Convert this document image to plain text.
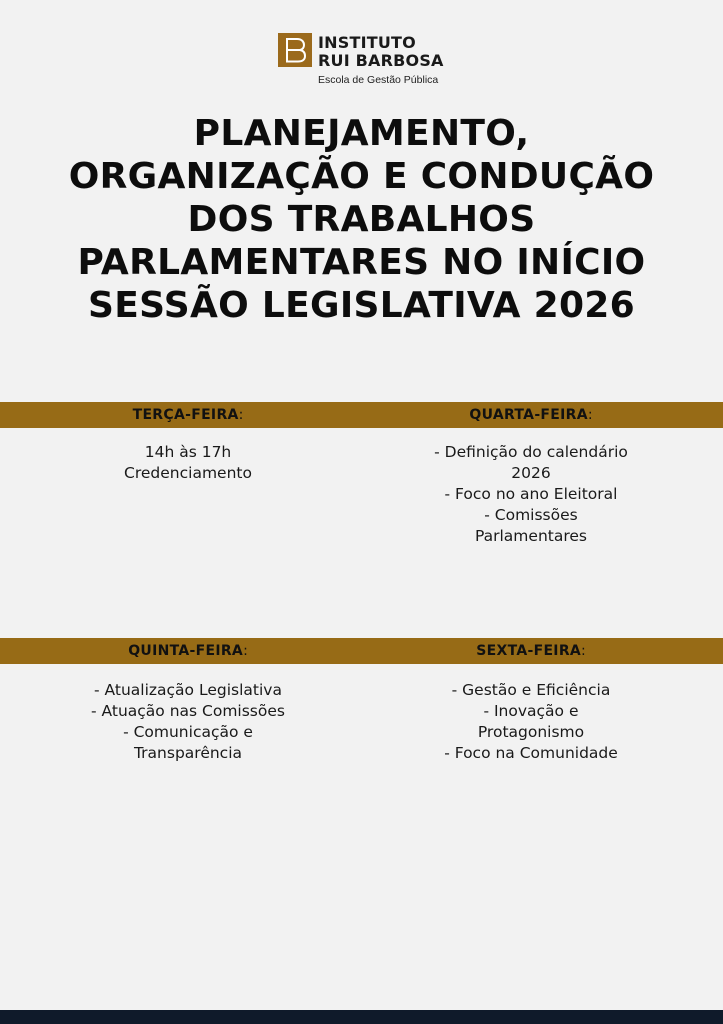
INSTITUTO
RUI BARBOSA
Escola de Gestão Pública
PLANEJAMENTO,
ORGANIZAÇÃO E CONDUÇÃO
DOS TRABALHOS
PARLAMENTARES NO INÍCIO
SESSÃO LEGISLATIVA 2026
TERÇA-FEIRA:	QUARTA-FEIRA:
QUINTA-FEIRA:	SEXTA-FEIRA:
14h às 17h
Credenciamento
- Definição do calendário
2026
- Foco no ano Eleitoral
- Comissões
Parlamentares
- Atualização Legislativa
- Atuação nas Comissões
- Comunicação e
Transparência
- Gestão e Eficiência
- Inovação e
Protagonismo
- Foco na Comunidade
